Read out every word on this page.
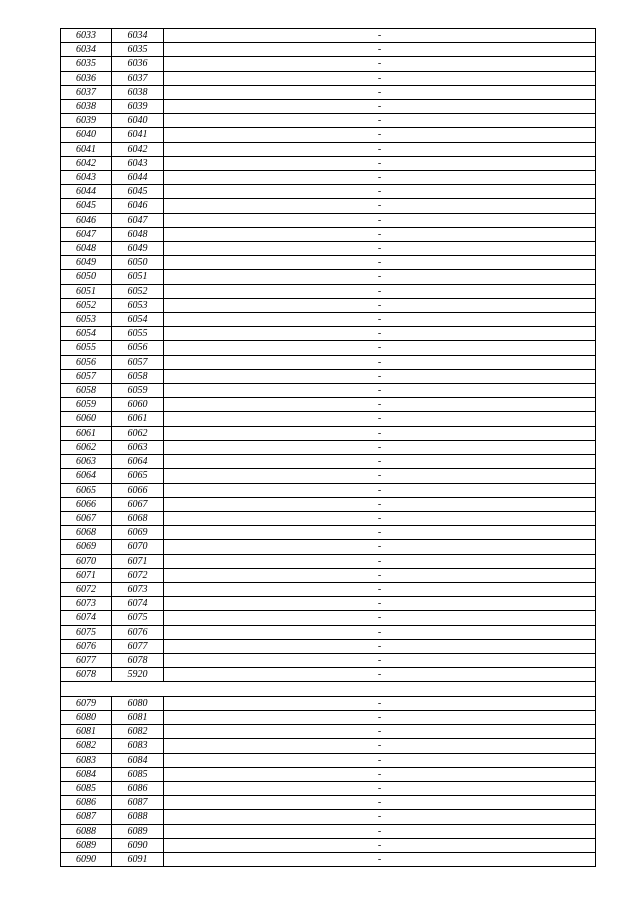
6033	6034	-
6034	6035	-
6035	6036	-
6036	6037	-
6037	6038	-
6038	6039	-
6039	6040	-
6040	6041	-
6041	6042	-
6042	6043	-
6043	6044	-
6044	6045	-
6045	6046	-
6046	6047	-
6047	6048	-
6048	6049	-
6049	6050	-
6050	6051	-
6051	6052	-
6052	6053	-
6053	6054	-
6054	6055	-
6055	6056	-
6056	6057	-
6057	6058	-
6058	6059	-
6059	6060	-
6060	6061	-
6061	6062	-
6062	6063	-
6063	6064	-
6064	6065	-
6065	6066	-
6066	6067	-
6067	6068	-
6068	6069	-
6069	6070	-
6070	6071	-
6071	6072	-
6072	6073	-
6073	6074	-
6074	6075	-
6075	6076	-
6076	6077	-
6077	6078	-
6078	5920	-

6079	6080	-
6080	6081	-
6081	6082	-
6082	6083	-
6083	6084	-
6084	6085	-
6085	6086	-
6086	6087	-
6087	6088	-
6088	6089	-
6089	6090	-
6090	6091	-
